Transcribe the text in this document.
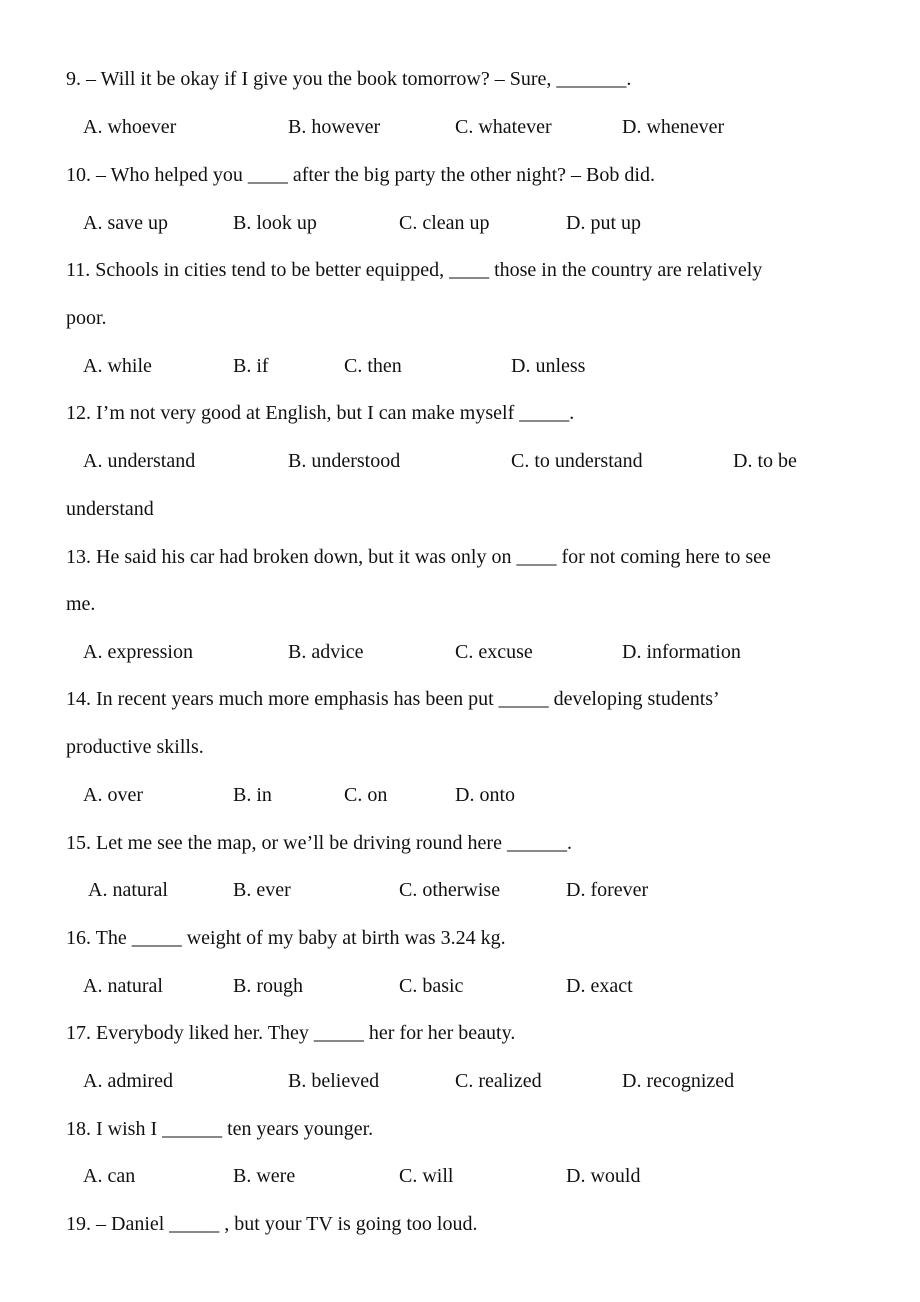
9. – Will it be okay if I give you the book tomorrow? – Sure, _______.
A. whoever	B. however	C. whatever	D. whenever
10. – Who helped you ____ after the big party the other night? – Bob did.
A. save up	B. look up	C. clean up	D. put up
11. Schools in cities tend to be better equipped, ____ those in the country are relatively
poor.
A. while	B. if	C. then	D. unless
12. I’m not very good at English, but I can make myself _____.
A. understand	B. understood	C. to understand	D. to be
understand
13. He said his car had broken down, but it was only on ____ for not coming here to see
me.
A. expression	B. advice	C. excuse	D. information
14. In recent years much more emphasis has been put _____ developing students’
productive skills.
A. over	B. in	C. on	D. onto
15. Let me see the map, or we’ll be driving round here ______.
A. natural	B. ever	C. otherwise	D. forever
16. The _____ weight of my baby at birth was 3.24 kg.
A. natural	B. rough	C. basic	D. exact
17. Everybody liked her. They _____ her for her beauty.
A. admired	B. believed	C. realized	D. recognized
18. I wish I ______ ten years younger.
A. can	B. were	C. will	D. would
19. – Daniel _____ , but your TV is going too loud.
